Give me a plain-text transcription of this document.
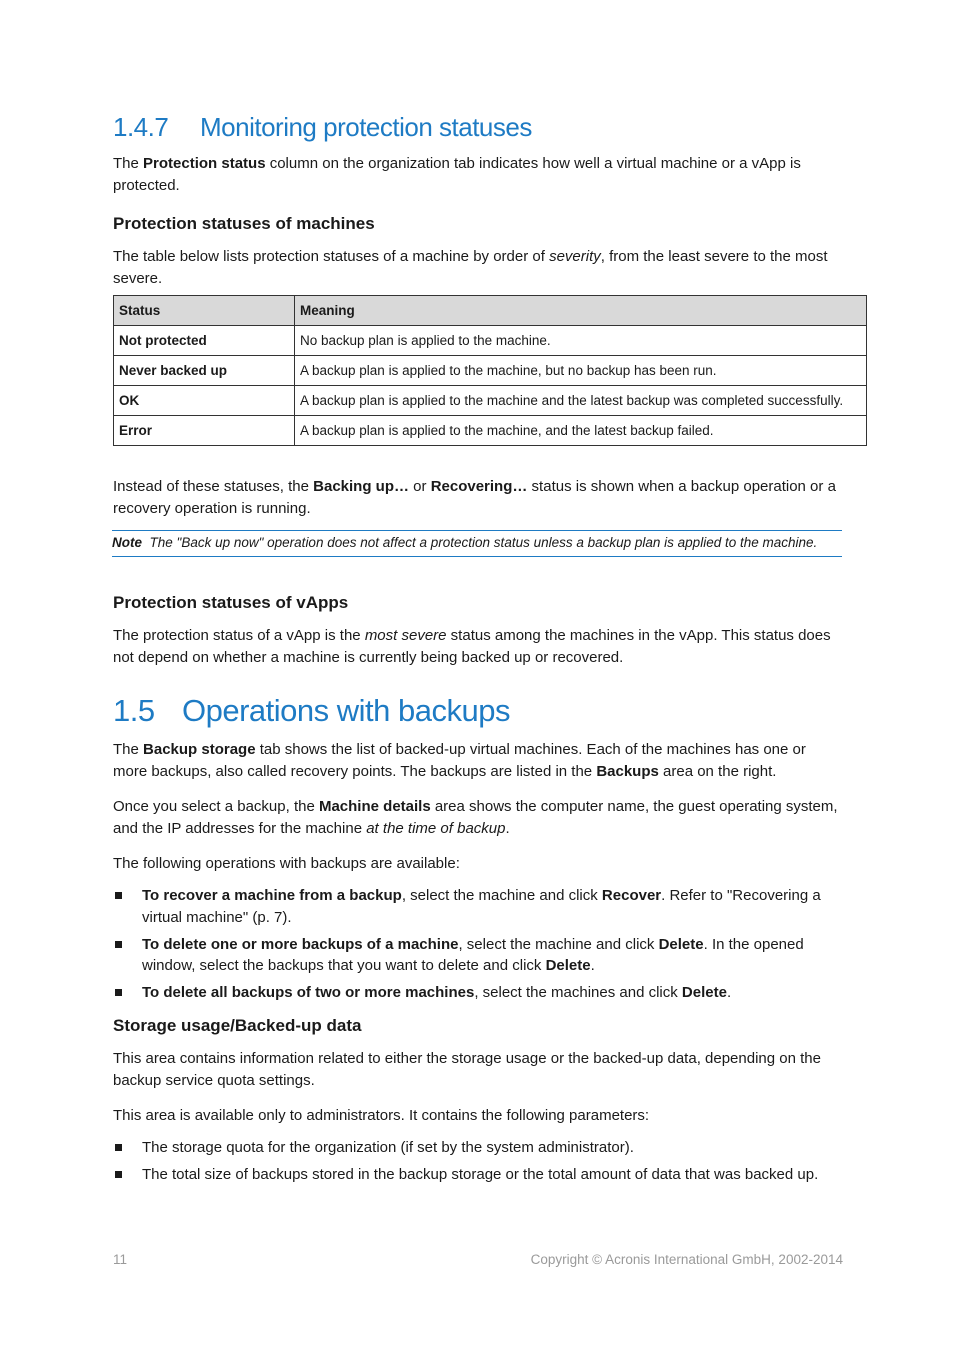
1.4.7 Monitoring protection statuses

The Protection status column on the organization tab indicates how well a virtual machine or a vApp is protected.

Protection statuses of machines

The table below lists protection statuses of a machine by order of severity, from the least severe to the most severe.

Status	Meaning
Not protected	No backup plan is applied to the machine.
Never backed up	A backup plan is applied to the machine, but no backup has been run.
OK	A backup plan is applied to the machine and the latest backup was completed successfully.
Error	A backup plan is applied to the machine, and the latest backup failed.

Instead of these statuses, the Backing up… or Recovering… status is shown when a backup operation or a recovery operation is running.

Note The "Back up now" operation does not affect a protection status unless a backup plan is applied to the machine.
Protection statuses of vApps

The protection status of a vApp is the most severe status among the machines in the vApp. This status does not depend on whether a machine is currently being backed up or recovered.

1.5 Operations with backups

The Backup storage tab shows the list of backed-up virtual machines. Each of the machines has one or more backups, also called recovery points. The backups are listed in the Backups area on the right.

Once you select a backup, the Machine details area shows the computer name, the guest operating system, and the IP addresses for the machine at the time of backup.

The following operations with backups are available:

To recover a machine from a backup, select the machine and click Recover. Refer to "Recovering a virtual machine" (p. 7).
To delete one or more backups of a machine, select the machine and click Delete. In the opened window, select the backups that you want to delete and click Delete.
To delete all backups of two or more machines, select the machines and click Delete.
Storage usage/Backed-up data

This area contains information related to either the storage usage or the backed-up data, depending on the backup service quota settings.

This area is available only to administrators. It contains the following parameters:

The storage quota for the organization (if set by the system administrator).
The total size of backups stored in the backup storage or the total amount of data that was backed up.
11	Copyright © Acronis International GmbH, 2002-2014
